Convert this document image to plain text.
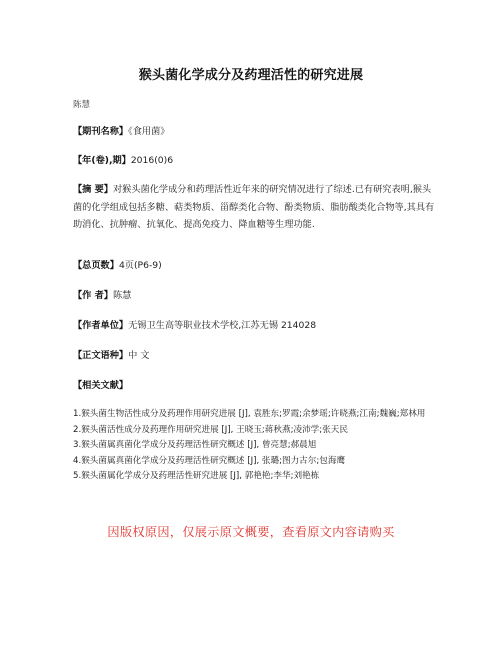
猴头菌化学成分及药理活性的研究进展
陈慧
【期刊名称】《食用菌》
【年(卷),期】2016(0)6
【摘 要】对猴头菌化学成分和药理活性近年来的研究情况进行了综述.已有研究表明,猴头菌的化学组成包括多糖、萜类物质、甾醇类化合物、酚类物质、脂肪酸类化合物等,其具有助消化、抗肿瘤、抗氧化、提高免疫力、降血糖等生理功能.
【总页数】4页(P6-9)
【作 者】陈慧
【作者单位】无锡卫生高等职业技术学校,江苏无锡 214028
【正文语种】中 文
【相关文献】
1.猴头菌生物活性成分及药理作用研究进展 [J], 袁胜东;罗霞;余梦瑶;许晓燕;江南;魏巍;郑林用
2.猴头菌活性成分及药理作用研究进展 [J], 王晓玉;蒋秋燕;凌沛学;张天民
3.猴头菌属真菌化学成分及药理活性研究概述 [J], 曾亮慧;郝晨旭
4.猴头菌属真菌化学成分及药理活性研究概述 [J], 张璐;图力古尔;包海鹰
5.猴头菌属化学成分及药理活性研究进展 [J], 郭艳艳;李华;刘艳栋
因版权原因，仅展示原文概要，查看原文内容请购买
